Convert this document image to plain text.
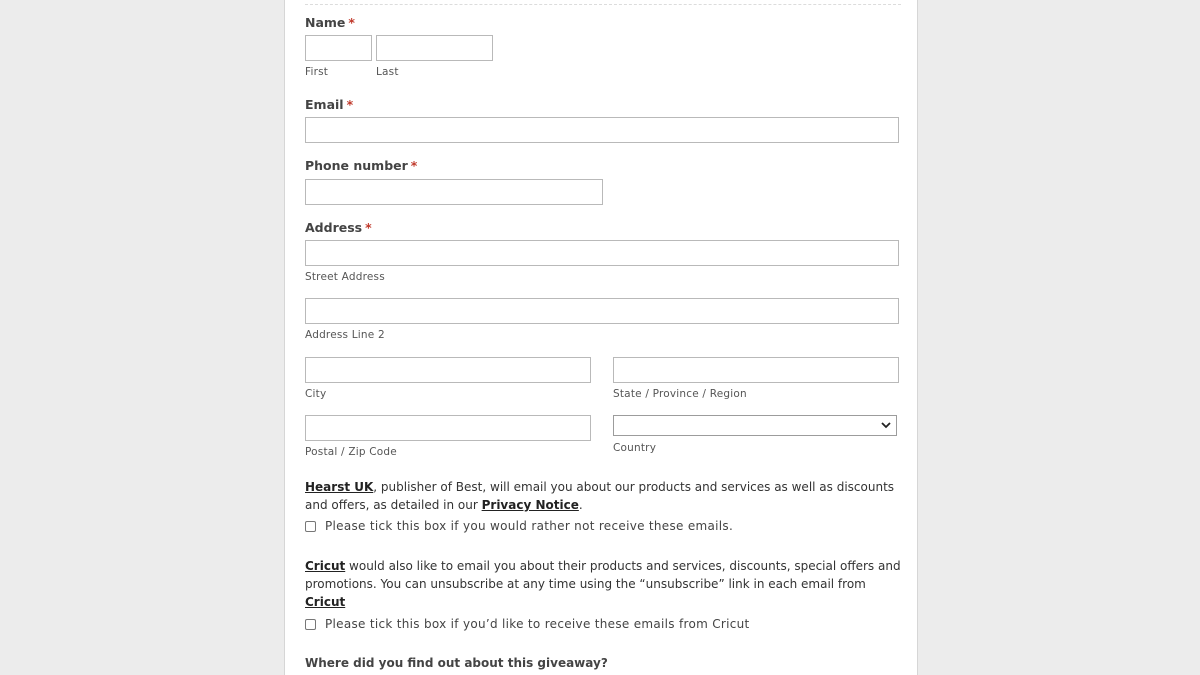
Name *
First	Last
Email *
Phone number *
Address *
Street Address
Address Line 2
City	State / Province / Region
Postal / Zip Code	Country
Hearst UK, publisher of Best, will email you about our products and services as well as discounts and offers, as detailed in our Privacy Notice.
Please tick this box if you would rather not receive these emails.
Cricut would also like to email you about their products and services, discounts, special offers and promotions. You can unsubscribe at any time using the “unsubscribe” link in each email from Cricut
Please tick this box if you’d like to receive these emails from Cricut
Where did you find out about this giveaway?
